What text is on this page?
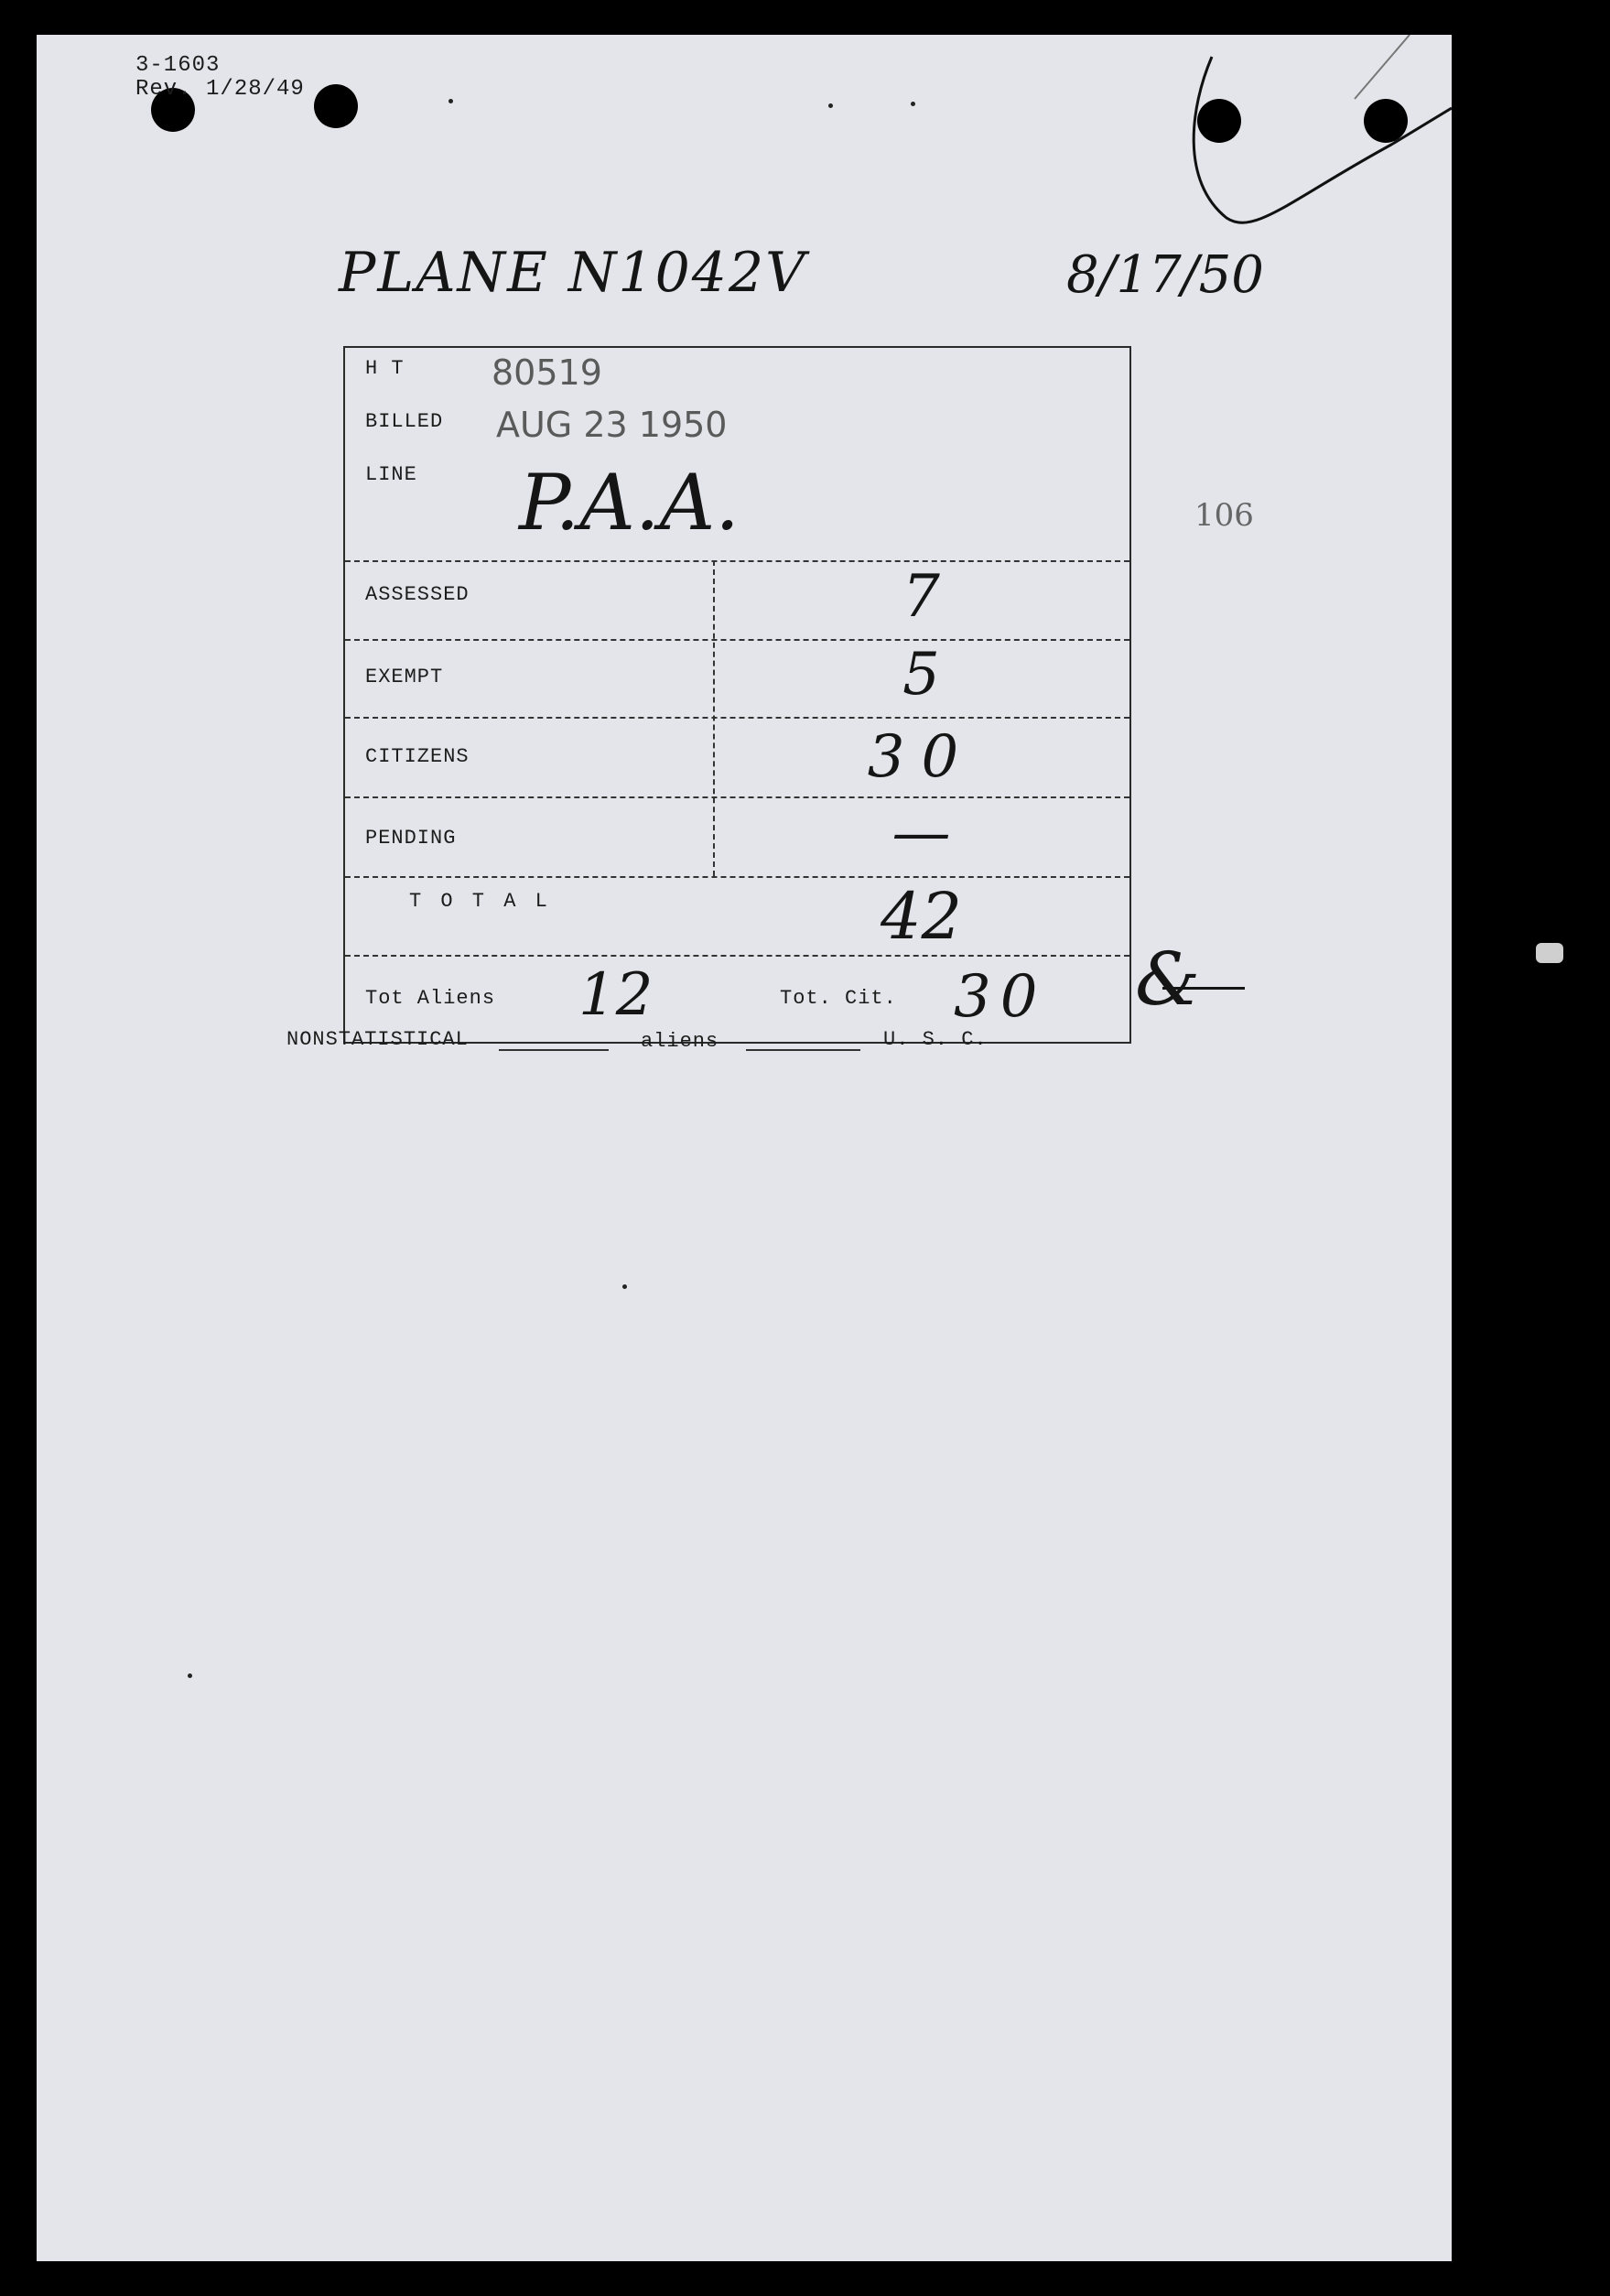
3-1603
Rev. 1/28/49
PLANE N1042V	8/17/50
106
H T	80519
BILLED AUG 23 1950
LINE P.A.A.
ASSESSED	7
EXEMPT	5
CITIZENS	30
PENDING	—
T O T A L	42
Tot Aliens 12	Tot. Cit. 30 &
NONSTATISTICAL	aliens	U. S. C.
